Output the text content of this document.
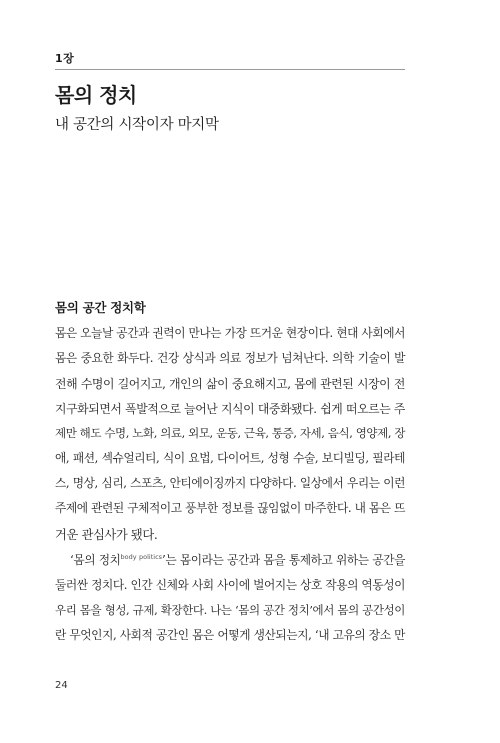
1장
몸의 정치
내 공간의 시작이자 마지막
몸의 공간 정치학
몸은 오늘날 공간과 권력이 만나는 가장 뜨거운 현장이다. 현대 사회에서
몸은 중요한 화두다. 건강 상식과 의료 정보가 넘쳐난다. 의학 기술이 발
전해 수명이 길어지고, 개인의 삶이 중요해지고, 몸에 관련된 시장이 전
지구화되면서 폭발적으로 늘어난 지식이 대중화됐다. 쉽게 떠오르는 주
제만 해도 수명, 노화, 의료, 외모, 운동, 근육, 통증, 자세, 음식, 영양제, 장
애, 패션, 섹슈얼리티, 식이 요법, 다이어트, 성형 수술, 보디빌딩, 필라테
스, 명상, 심리, 스포츠, 안티에이징까지 다양하다. 일상에서 우리는 이런
주제에 관련된 구체적이고 풍부한 정보를 끊임없이 마주한다. 내 몸은 뜨
거운 관심사가 됐다.
‘몸의 정치$^{body politics}$’는 몸이라는 공간과 몸을 통제하고 위하는 공간을
둘러싼 정치다. 인간 신체와 사회 사이에 벌어지는 상호 작용의 역동성이
우리 몸을 형성, 규제, 확장한다. 나는 ‘몸의 공간 정치’에서 몸의 공간성이
란 무엇인지, 사회적 공간인 몸은 어떻게 생산되는지, ‘내 고유의 장소 만
24
